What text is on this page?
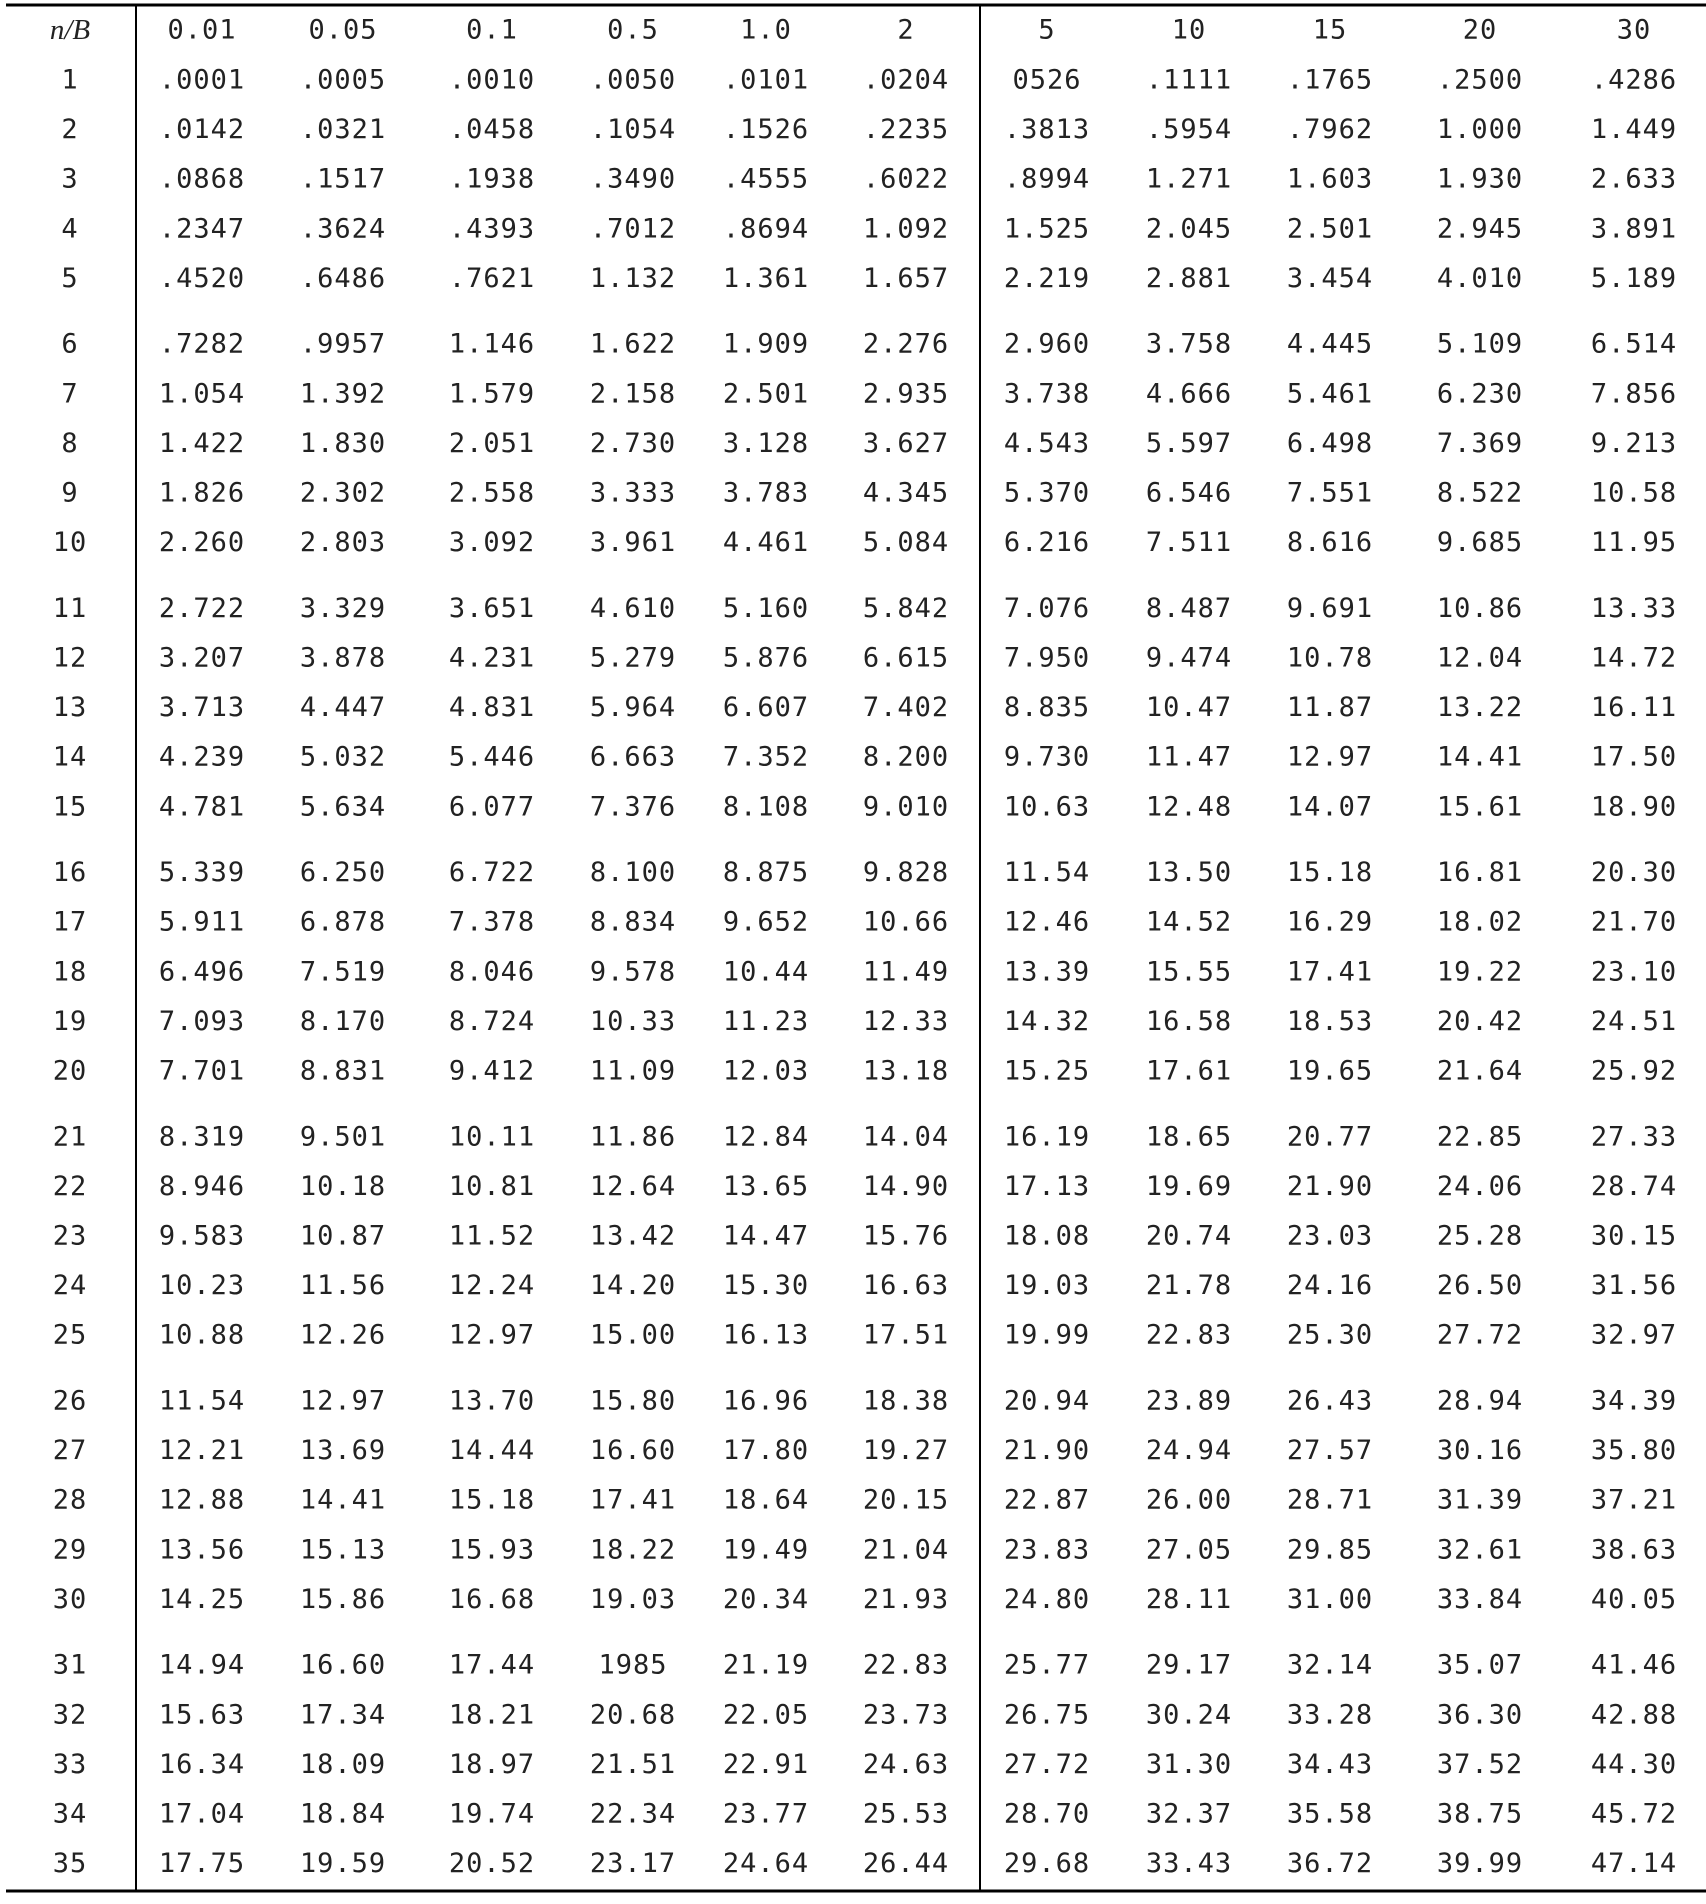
n/B	0.01	0.05	0.1	0.5	1.0	2	5	10	15	20	30
1	.0001 .0005 .0010 .0050 .0101 .0204 0526 .1111 .1765 .2500	.4286
2	.0142 .0321 .0458 .1054 .1526 .2235 .3813 .5954 .7962 1.000	1.449
3	.0868 .1517 .1938 .3490 .4555 .6022 .8994 1.271 1.603 1.930	2.633
4	.2347 .3624 .4393 .7012 .8694 1.092 1.525 2.045 2.501 2.945	3.891
5	.4520 .6486 .7621 1.132 1.361 1.657 2.219 2.881 3.454 4.010	5.189
6	.7282 .9957 1.146 1.622 1.909 2.276 2.960 3.758 4.445 5.109	6.514
7	1.054 1.392 1.579 2.158 2.501 2.935 3.738 4.666 5.461 6.230	7.856
8	1.422 1.830 2.051 2.730 3.128 3.627 4.543 5.597 6.498 7.369	9.213
9	1.826 2.302 2.558 3.333 3.783 4.345 5.370 6.546 7.551 8.522	10.58
10	2.260 2.803 3.092 3.961 4.461 5.084 6.216 7.511 8.616 9.685	11.95
11	2.722 3.329 3.651 4.610 5.160 5.842 7.076 8.487 9.691 10.86	13.33
12	3.207 3.878 4.231 5.279 5.876 6.615 7.950 9.474 10.78 12.04	14.72
13	3.713 4.447 4.831 5.964 6.607 7.402 8.835 10.47 11.87 13.22	16.11
14	4.239 5.032 5.446 6.663 7.352 8.200 9.730 11.47 12.97 14.41	17.50
15	4.781 5.634 6.077 7.376 8.108 9.010 10.63 12.48 14.07 15.61	18.90
16	5.339 6.250 6.722 8.100 8.875 9.828 11.54 13.50 15.18 16.81	20.30
17	5.911 6.878 7.378 8.834 9.652 10.66 12.46 14.52 16.29 18.02	21.70
18	6.496 7.519 8.046 9.578 10.44 11.49 13.39 15.55 17.41 19.22	23.10
19	7.093 8.170 8.724 10.33 11.23 12.33 14.32 16.58 18.53 20.42	24.51
20	7.701 8.831 9.412 11.09 12.03 13.18 15.25 17.61 19.65 21.64	25.92
21	8.319 9.501 10.11 11.86 12.84 14.04 16.19 18.65 20.77 22.85	27.33
22	8.946 10.18 10.81 12.64 13.65 14.90 17.13 19.69 21.90 24.06	28.74
23	9.583 10.87 11.52 13.42 14.47 15.76 18.08 20.74 23.03 25.28	30.15
24	10.23 11.56 12.24 14.20 15.30 16.63 19.03 21.78 24.16 26.50	31.56
25	10.88 12.26 12.97 15.00 16.13 17.51 19.99 22.83 25.30 27.72	32.97
26	11.54 12.97 13.70 15.80 16.96 18.38 20.94 23.89 26.43 28.94	34.39
27	12.21 13.69 14.44 16.60 17.80 19.27 21.90 24.94 27.57 30.16	35.80
28	12.88 14.41 15.18 17.41 18.64 20.15 22.87 26.00 28.71 31.39	37.21
29	13.56 15.13 15.93 18.22 19.49 21.04 23.83 27.05 29.85 32.61	38.63
30	14.25 15.86 16.68 19.03 20.34 21.93 24.80 28.11 31.00 33.84	40.05
31	14.94 16.60 17.44 1985 21.19 22.83 25.77 29.17 32.14 35.07	41.46
32	15.63 17.34 18.21 20.68 22.05 23.73 26.75 30.24 33.28 36.30	42.88
33	16.34 18.09 18.97 21.51 22.91 24.63 27.72 31.30 34.43 37.52	44.30
34	17.04 18.84 19.74 22.34 23.77 25.53 28.70 32.37 35.58 38.75	45.72
35	17.75 19.59 20.52 23.17 24.64 26.44 29.68 33.43 36.72 39.99	47.14
